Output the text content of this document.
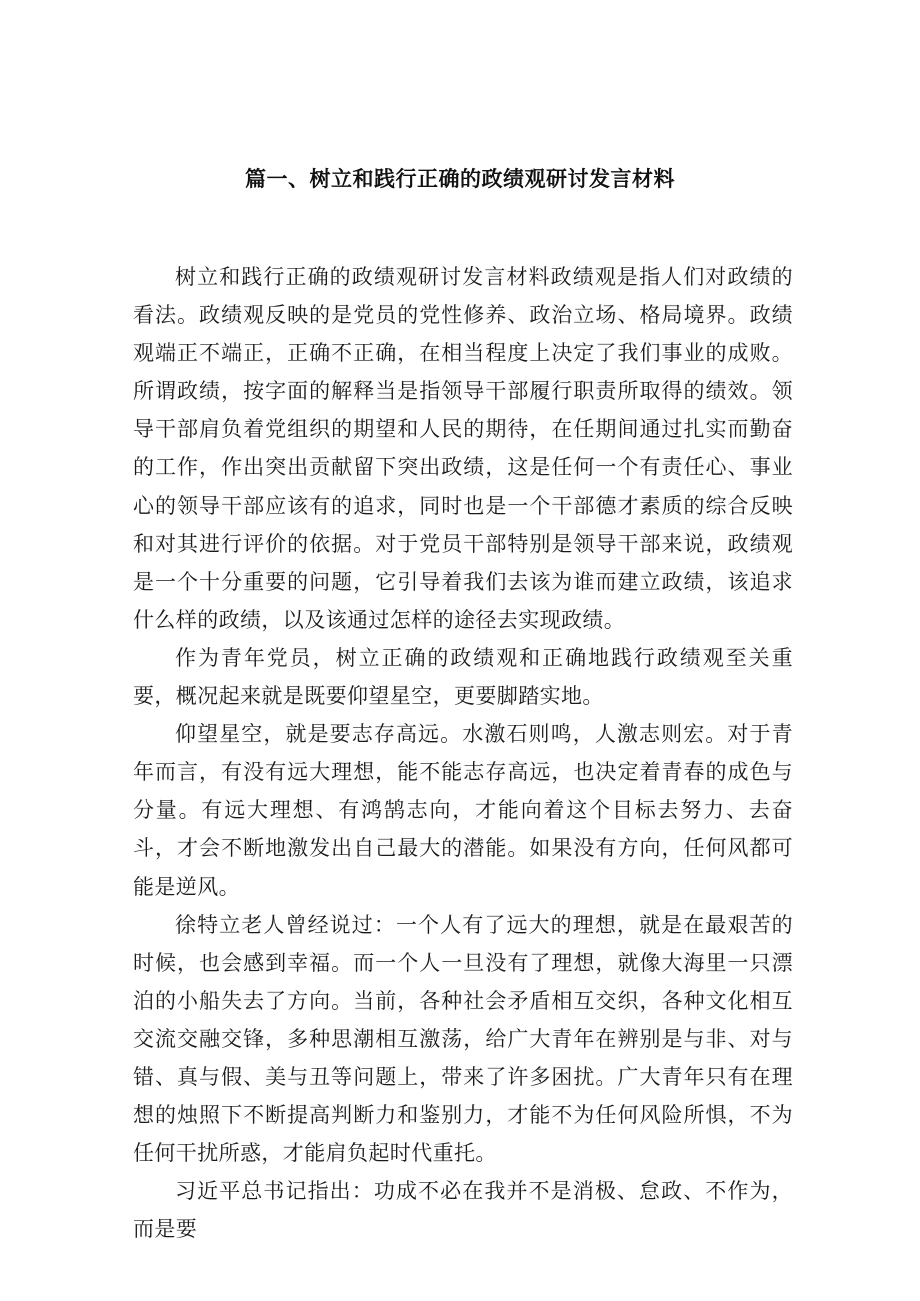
篇一、树立和践行正确的政绩观研讨发言材料

树立和践行正确的政绩观研讨发言材料政绩观是指人们对政绩的看法。政绩观反映的是党员的党性修养、政治立场、格局境界。政绩观端正不端正，正确不正确，在相当程度上决定了我们事业的成败。所谓政绩，按字面的解释当是指领导干部履行职责所取得的绩效。领导干部肩负着党组织的期望和人民的期待，在任期间通过扎实而勤奋的工作，作出突出贡献留下突出政绩，这是任何一个有责任心、事业心的领导干部应该有的追求，同时也是一个干部德才素质的综合反映和对其进行评价的依据。对于党员干部特别是领导干部来说，政绩观是一个十分重要的问题，它引导着我们去该为谁而建立政绩，该追求什么样的政绩，以及该通过怎样的途径去实现政绩。

作为青年党员，树立正确的政绩观和正确地践行政绩观至关重要，概况起来就是既要仰望星空，更要脚踏实地。

仰望星空，就是要志存高远。水激石则鸣，人激志则宏。对于青年而言，有没有远大理想，能不能志存高远，也决定着青春的成色与分量。有远大理想、有鸿鹄志向，才能向着这个目标去努力、去奋斗，才会不断地激发出自己最大的潜能。如果没有方向，任何风都可能是逆风。

徐特立老人曾经说过：一个人有了远大的理想，就是在最艰苦的时候，也会感到幸福。而一个人一旦没有了理想，就像大海里一只漂泊的小船失去了方向。当前，各种社会矛盾相互交织，各种文化相互交流交融交锋，多种思潮相互激荡，给广大青年在辨别是与非、对与错、真与假、美与丑等问题上，带来了许多困扰。广大青年只有在理想的烛照下不断提高判断力和鉴别力，才能不为任何风险所惧，不为任何干扰所惑，才能肩负起时代重托。

习近平总书记指出：功成不必在我并不是消极、怠政、不作为，而是要
